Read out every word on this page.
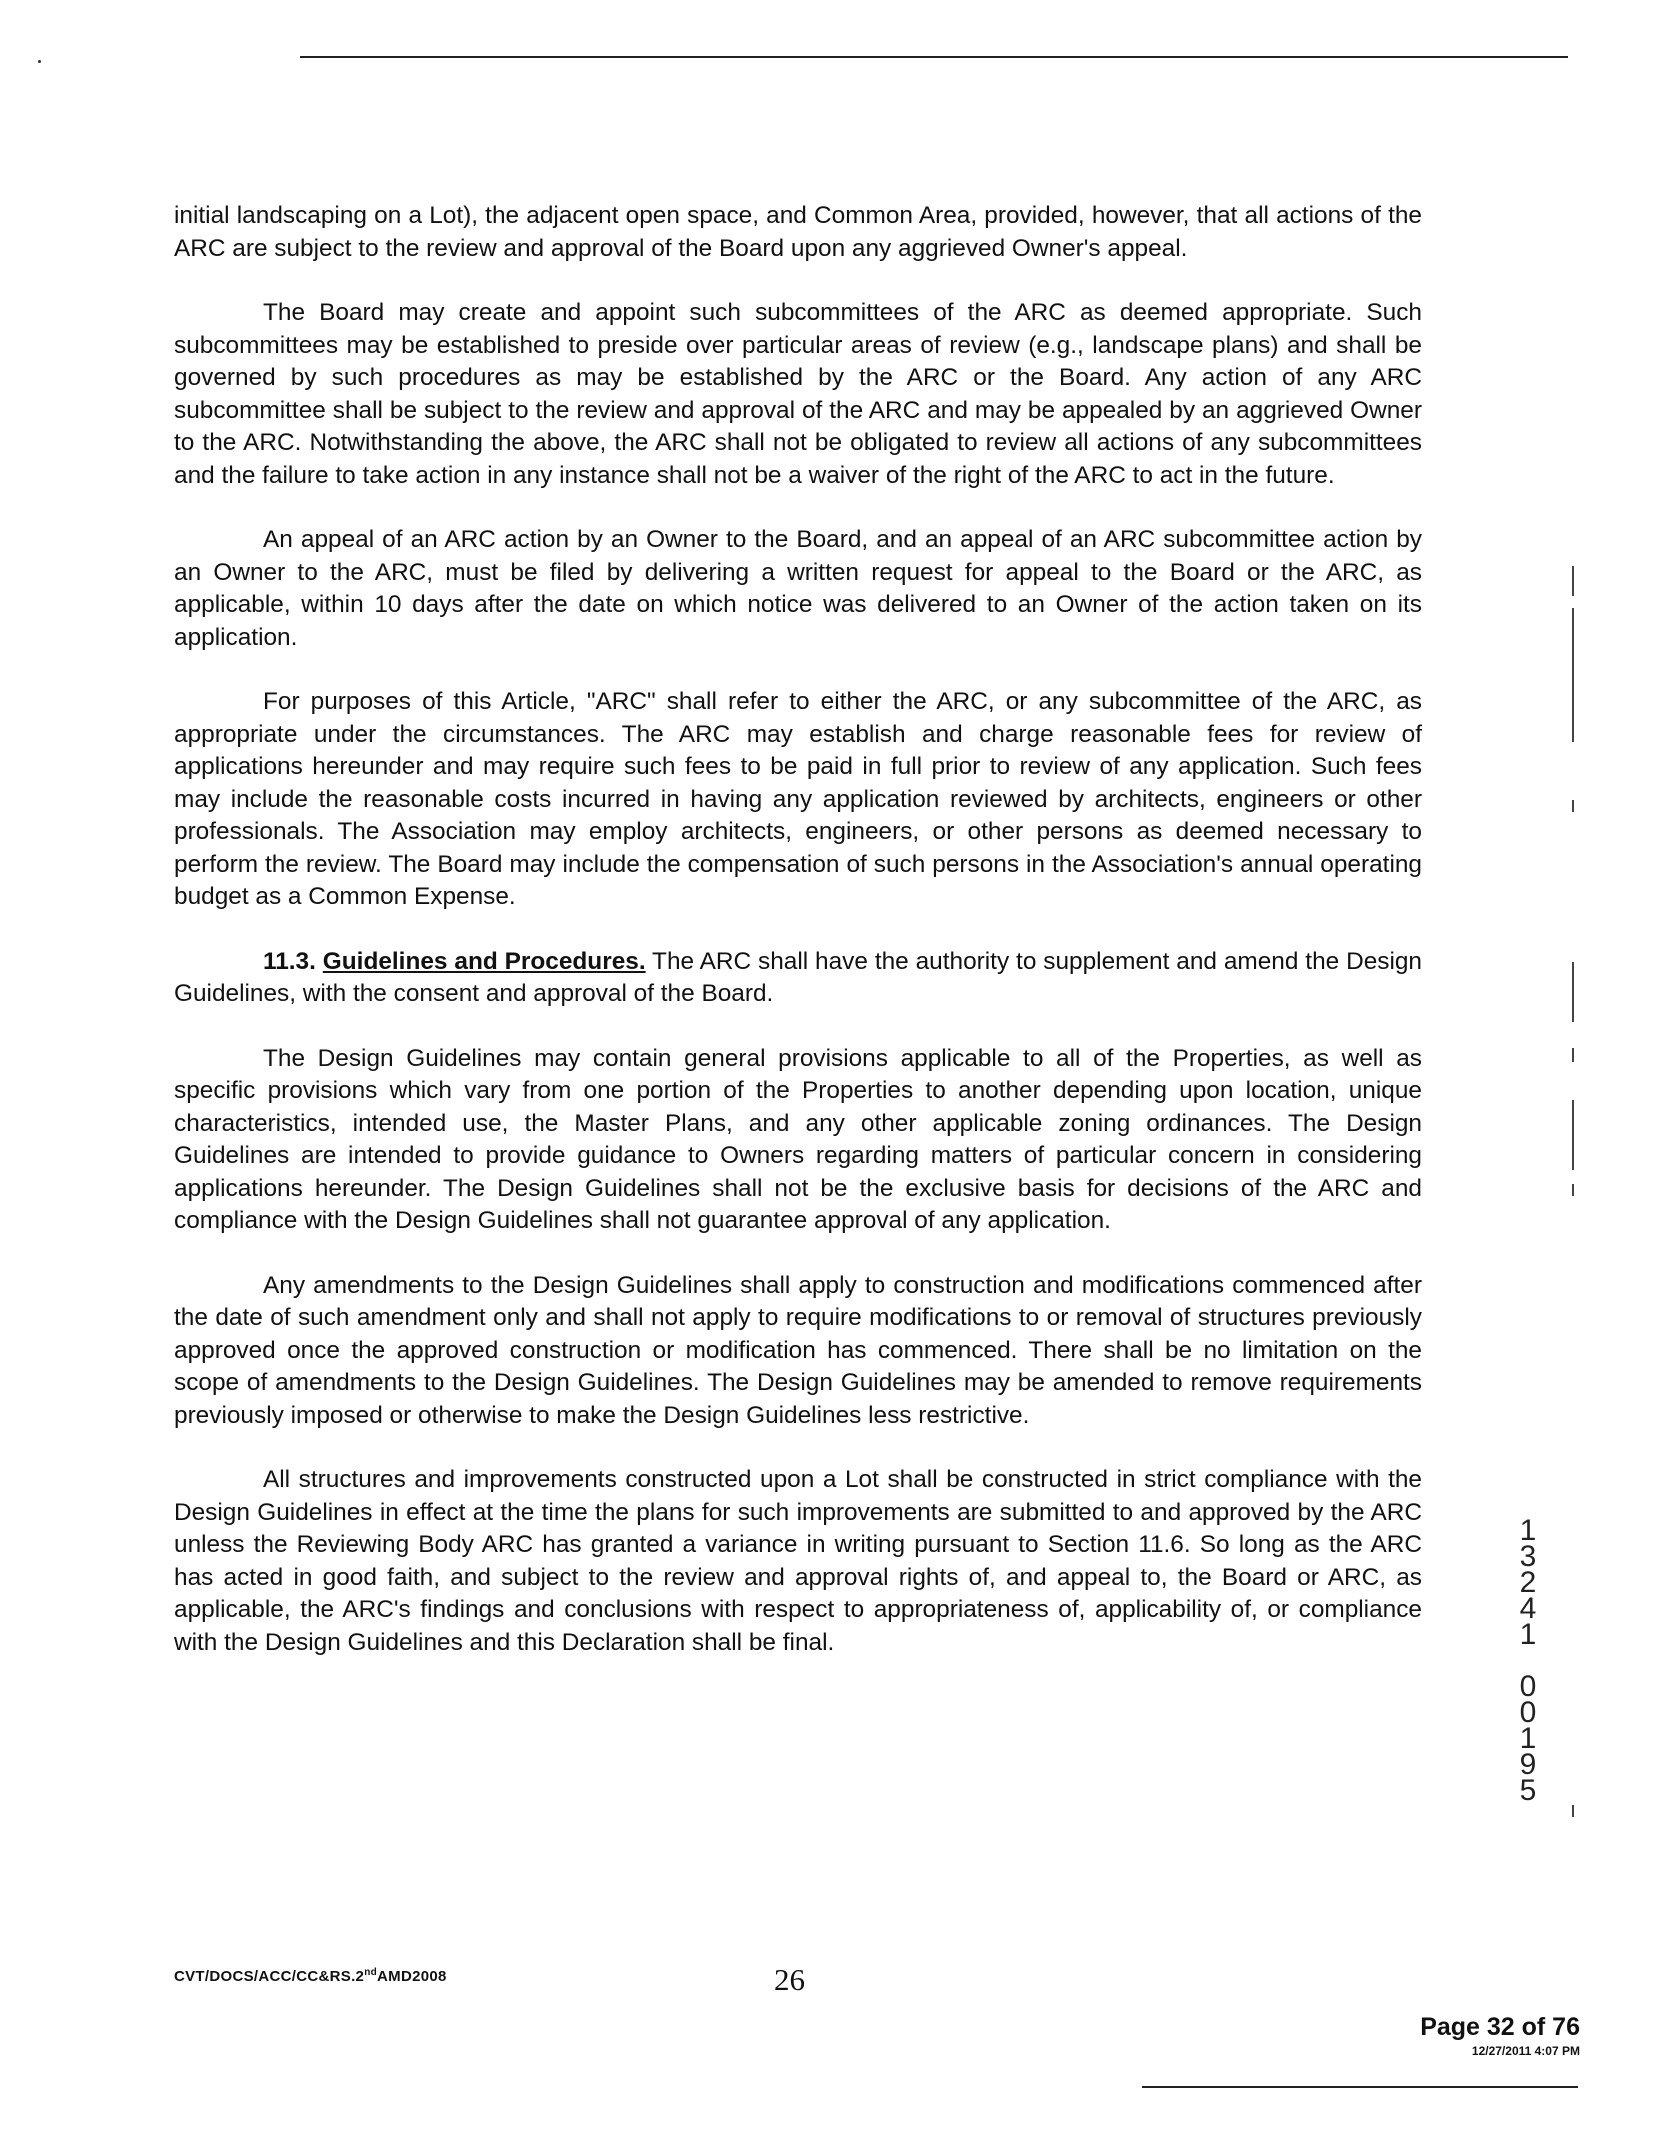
initial landscaping on a Lot), the adjacent open space, and Common Area, provided, however, that all actions of the ARC are subject to the review and approval of the Board upon any aggrieved Owner's appeal.

The Board may create and appoint such subcommittees of the ARC as deemed appropriate. Such subcommittees may be established to preside over particular areas of review (e.g., landscape plans) and shall be governed by such procedures as may be established by the ARC or the Board. Any action of any ARC subcommittee shall be subject to the review and approval of the ARC and may be appealed by an aggrieved Owner to the ARC. Notwithstanding the above, the ARC shall not be obligated to review all actions of any subcommittees and the failure to take action in any instance shall not be a waiver of the right of the ARC to act in the future.

An appeal of an ARC action by an Owner to the Board, and an appeal of an ARC subcommittee action by an Owner to the ARC, must be filed by delivering a written request for appeal to the Board or the ARC, as applicable, within 10 days after the date on which notice was delivered to an Owner of the action taken on its application.

For purposes of this Article, "ARC" shall refer to either the ARC, or any subcommittee of the ARC, as appropriate under the circumstances. The ARC may establish and charge reasonable fees for review of applications hereunder and may require such fees to be paid in full prior to review of any application. Such fees may include the reasonable costs incurred in having any application reviewed by architects, engineers or other professionals. The Association may employ architects, engineers, or other persons as deemed necessary to perform the review. The Board may include the compensation of such persons in the Association's annual operating budget as a Common Expense.

11.3. Guidelines and Procedures. The ARC shall have the authority to supplement and amend the Design Guidelines, with the consent and approval of the Board.

The Design Guidelines may contain general provisions applicable to all of the Properties, as well as specific provisions which vary from one portion of the Properties to another depending upon location, unique characteristics, intended use, the Master Plans, and any other applicable zoning ordinances. The Design Guidelines are intended to provide guidance to Owners regarding matters of particular concern in considering applications hereunder. The Design Guidelines shall not be the exclusive basis for decisions of the ARC and compliance with the Design Guidelines shall not guarantee approval of any application.

Any amendments to the Design Guidelines shall apply to construction and modifications commenced after the date of such amendment only and shall not apply to require modifications to or removal of structures previously approved once the approved construction or modification has commenced. There shall be no limitation on the scope of amendments to the Design Guidelines. The Design Guidelines may be amended to remove requirements previously imposed or otherwise to make the Design Guidelines less restrictive.

All structures and improvements constructed upon a Lot shall be constructed in strict compliance with the Design Guidelines in effect at the time the plans for such improvements are submitted to and approved by the ARC unless the Reviewing Body ARC has granted a variance in writing pursuant to Section 11.6. So long as the ARC has acted in good faith, and subject to the review and approval rights of, and appeal to, the Board or ARC, as applicable, the ARC's findings and conclusions with respect to appropriateness of, applicability of, or compliance with the Design Guidelines and this Declaration shall be final.

1
3
2
4
1
0
0
1
9
5
CVT/DOCS/ACC/CC&RS.2ndAMD2008	26
Page 32 of 76
12/27/2011 4:07 PM
